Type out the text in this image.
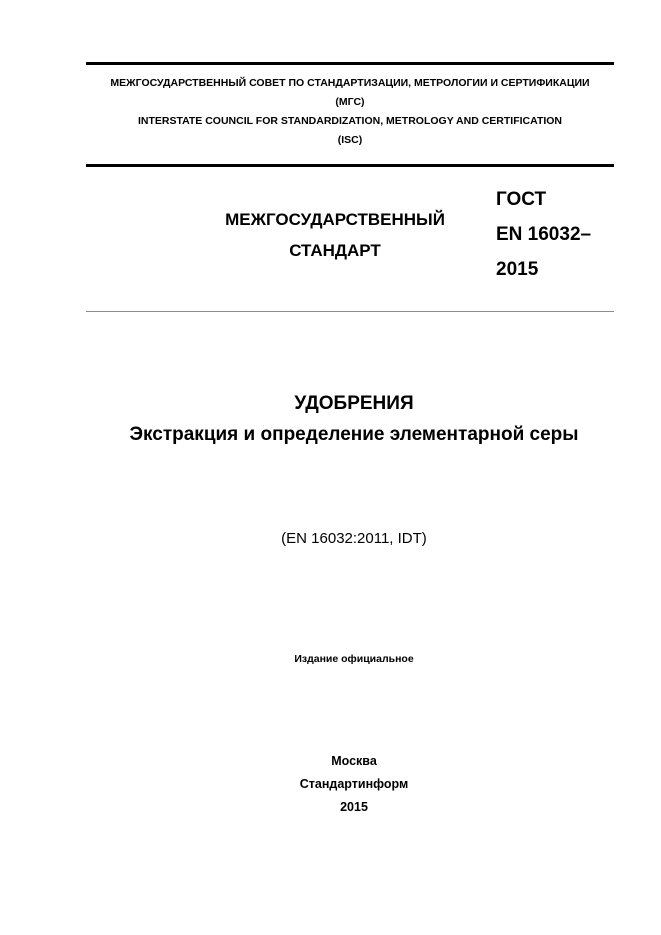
МЕЖГОСУДАРСТВЕННЫЙ СОВЕТ ПО СТАНДАРТИЗАЦИИ, МЕТРОЛОГИИ И СЕРТИФИКАЦИИ
(МГС)
INTERSTATE COUNCIL FOR STANDARDIZATION, METROLOGY AND CERTIFICATION
(ISC)
МЕЖГОСУДАРСТВЕННЫЙ
СТАНДАРТ
ГОСТ
EN 16032–
2015
УДОБРЕНИЯ
Экстракция и определение элементарной серы
(EN 16032:2011, IDT)
Издание официальное
Москва
Стандартинформ
2015
